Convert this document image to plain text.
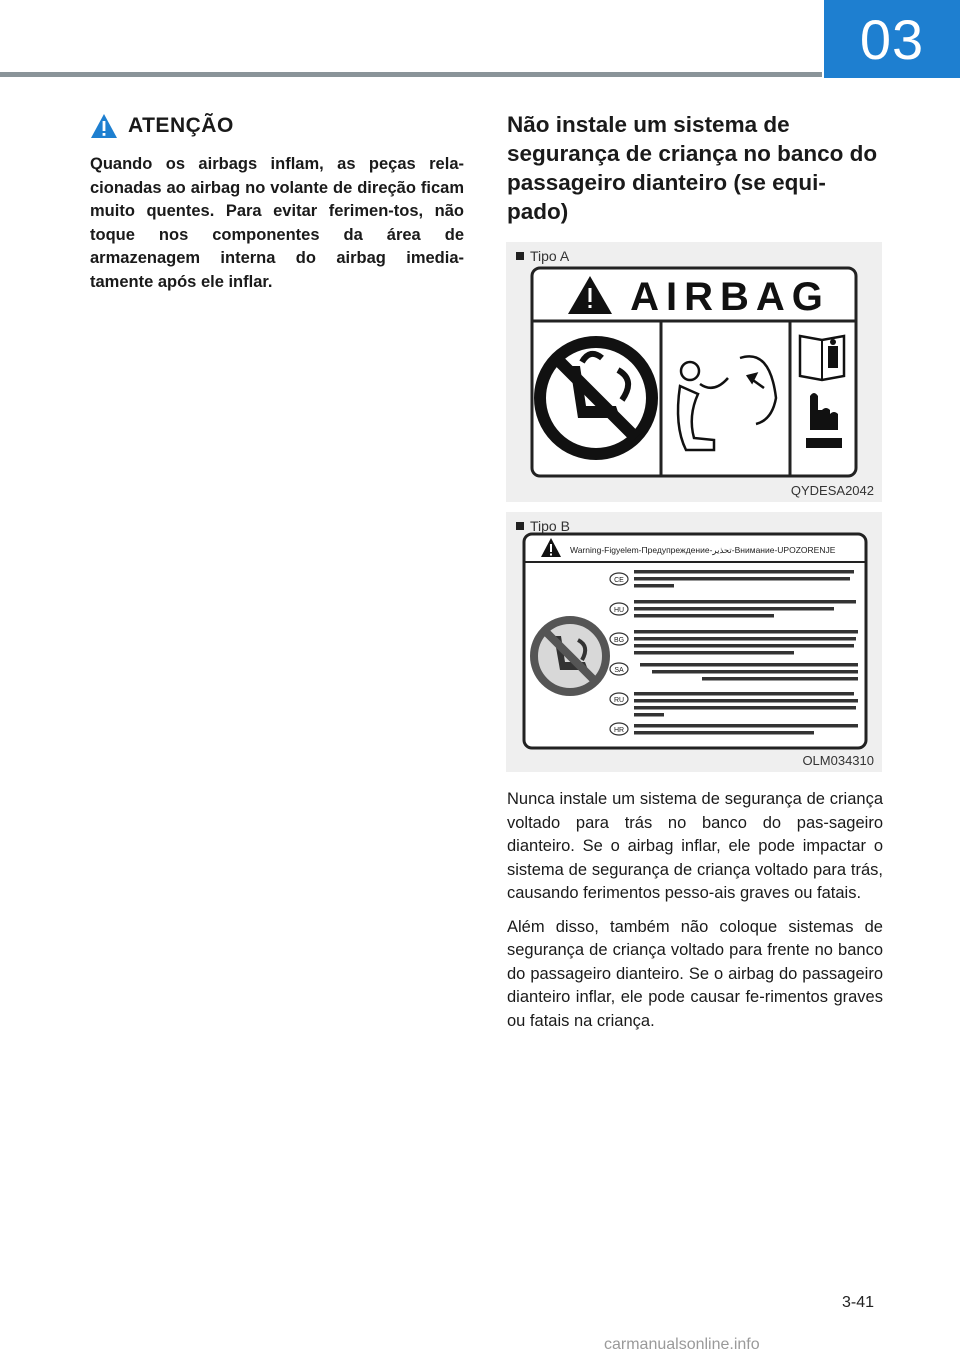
03
ATENÇÃO

Quando os airbags inflam, as peças rela-cionadas ao airbag no volante de direção ficam muito quentes. Para evitar ferimen-tos, não toque nos componentes da área de armazenagem interna do airbag imedia-tamente após ele inflar.

Não instale um sistema de segurança de criança no banco do passageiro dianteiro (se equi-pado)
Tipo A
AIRBAG
QYDESA2042
Tipo B
Warning-Figyelem-Предупреждение-تحذير-Внимание-UPOZORENJE
CE
HU
BG
SA
RU
HR
OLM034310

Nunca instale um sistema de segurança de criança voltado para trás no banco do pas-sageiro dianteiro. Se o airbag inflar, ele pode impactar o sistema de segurança de criança voltado para trás, causando ferimentos pesso-ais graves ou fatais.

Além disso, também não coloque sistemas de segurança de criança voltado para frente no banco do passageiro dianteiro. Se o airbag do passageiro dianteiro inflar, ele pode causar fe-rimentos graves ou fatais na criança.

3-41
carmanualsonline.info
